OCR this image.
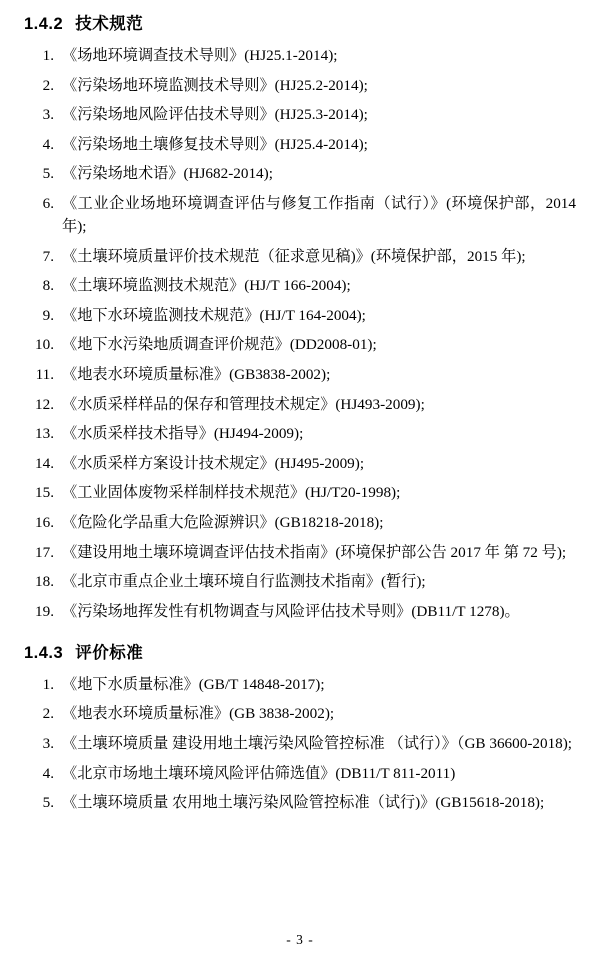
1.4.2 技术规范
1. 《场地环境调查技术导则》(HJ25.1-2014);
2. 《污染场地环境监测技术导则》(HJ25.2-2014);
3. 《污染场地风险评估技术导则》(HJ25.3-2014);
4. 《污染场地土壤修复技术导则》(HJ25.4-2014);
5. 《污染场地术语》(HJ682-2014);
6. 《工业企业场地环境调查评估与修复工作指南（试行）》(环境保护部，2014 年);
7. 《土壤环境质量评价技术规范（征求意见稿)》(环境保护部，2015 年);
8. 《土壤环境监测技术规范》(HJ/T 166-2004);
9. 《地下水环境监测技术规范》(HJ/T 164-2004);
10. 《地下水污染地质调查评价规范》(DD2008-01);
11. 《地表水环境质量标准》(GB3838-2002);
12. 《水质采样样品的保存和管理技术规定》(HJ493-2009);
13. 《水质采样技术指导》(HJ494-2009);
14. 《水质采样方案设计技术规定》(HJ495-2009);
15. 《工业固体废物采样制样技术规范》(HJ/T20-1998);
16. 《危险化学品重大危险源辨识》(GB18218-2018);
17. 《建设用地土壤环境调查评估技术指南》(环境保护部公告 2017 年 第 72 号);
18. 《北京市重点企业土壤环境自行监测技术指南》(暂行);
19. 《污染场地挥发性有机物调查与风险评估技术导则》(DB11/T 1278)。
1.4.3 评价标准
1. 《地下水质量标准》(GB/T 14848-2017);
2. 《地表水环境质量标准》(GB 3838-2002);
3. 《土壤环境质量 建设用地土壤污染风险管控标准 （试行）》（GB 36600-2018);
4. 《北京市场地土壤环境风险评估筛选值》(DB11/T 811-2011)
5. 《土壤环境质量 农用地土壤污染风险管控标准（试行)》(GB15618-2018);
- 3 -
